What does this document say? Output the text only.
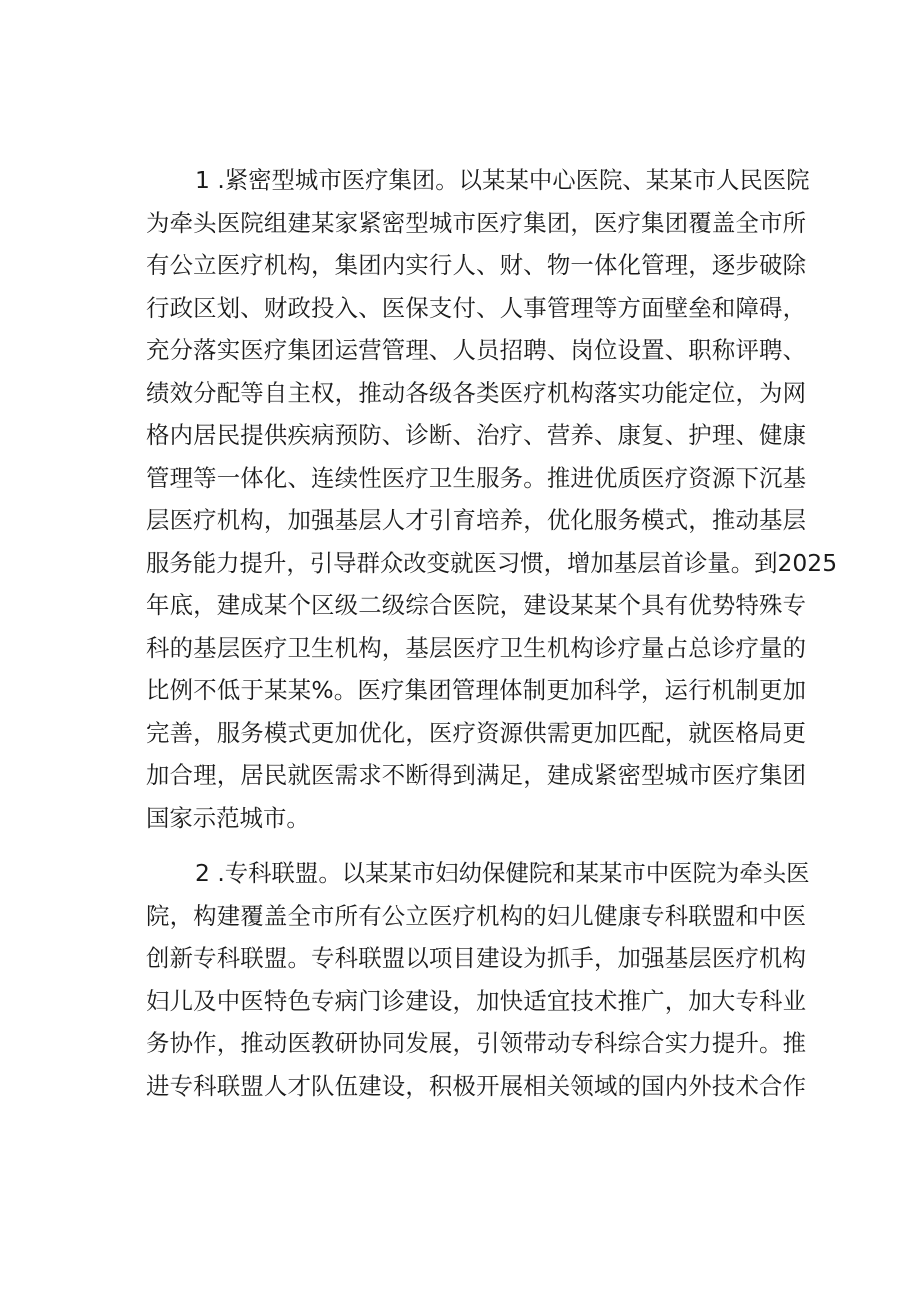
1 .紧密型城市医疗集团。以某某中心医院、某某市人民医院
为牵头医院组建某家紧密型城市医疗集团，医疗集团覆盖全市所
有公立医疗机构，集团内实行人、财、物一体化管理，逐步破除
行政区划、财政投入、医保支付、人事管理等方面壁垒和障碍，
充分落实医疗集团运营管理、人员招聘、岗位设置、职称评聘、
绩效分配等自主权，推动各级各类医疗机构落实功能定位，为网
格内居民提供疾病预防、诊断、治疗、营养、康复、护理、健康
管理等一体化、连续性医疗卫生服务。推进优质医疗资源下沉基
层医疗机构，加强基层人才引育培养，优化服务模式，推动基层
服务能力提升，引导群众改变就医习惯，增加基层首诊量。到2025
年底，建成某个区级二级综合医院，建设某某个具有优势特殊专
科的基层医疗卫生机构，基层医疗卫生机构诊疗量占总诊疗量的
比例不低于某某%。医疗集团管理体制更加科学，运行机制更加
完善，服务模式更加优化，医疗资源供需更加匹配，就医格局更
加合理，居民就医需求不断得到满足，建成紧密型城市医疗集团
国家示范城市。
2 .专科联盟。以某某市妇幼保健院和某某市中医院为牵头医
院，构建覆盖全市所有公立医疗机构的妇儿健康专科联盟和中医
创新专科联盟。专科联盟以项目建设为抓手，加强基层医疗机构
妇儿及中医特色专病门诊建设，加快适宜技术推广，加大专科业
务协作，推动医教研协同发展，引领带动专科综合实力提升。推
进专科联盟人才队伍建设，积极开展相关领域的国内外技术合作
